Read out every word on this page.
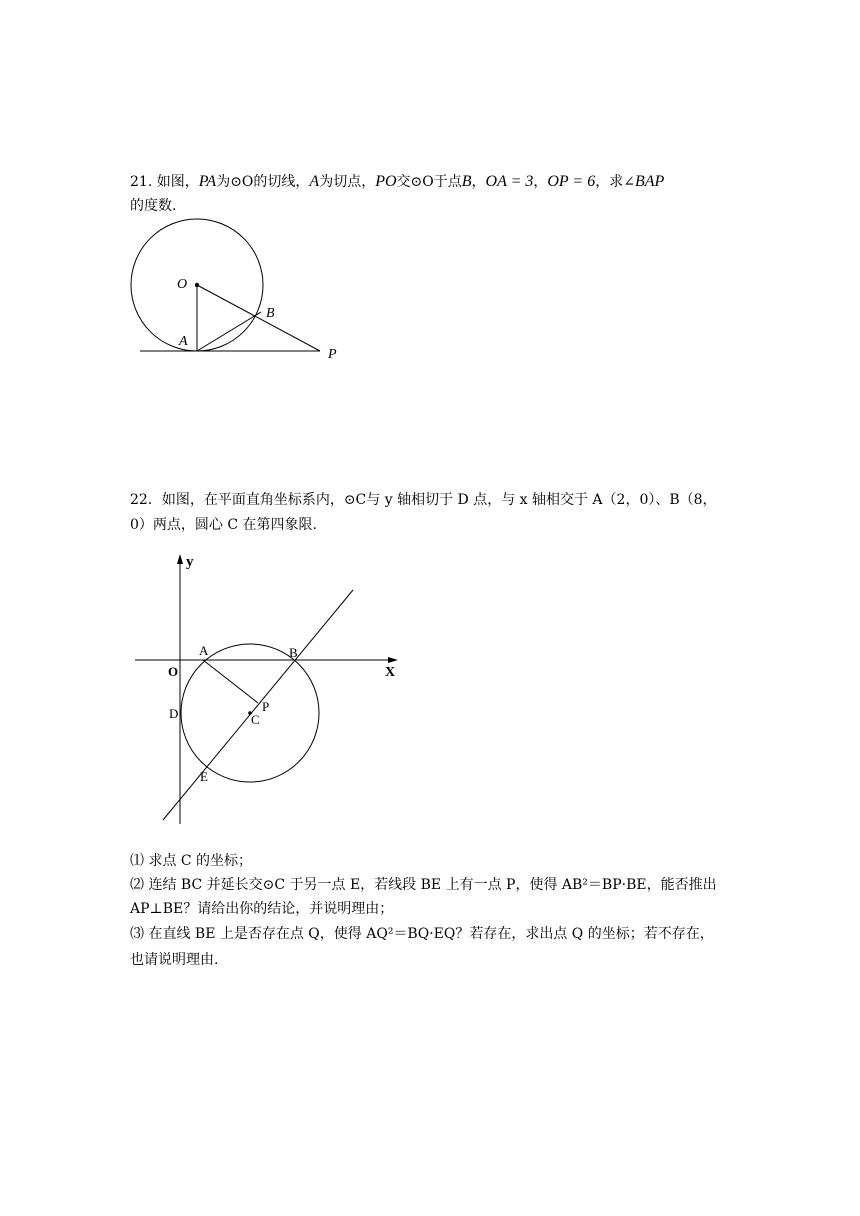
21. 如图，PA为⊙O的切线，A为切点，PO交⊙O于点B，OA = 3，OP = 6，求∠BAP
的度数.
O
A
B
P
22．如图，在平面直角坐标系内，⊙C与 y 轴相切于 D 点，与 x 轴相交于 A（2，0）、B（8，
0）两点，圆心 C 在第四象限.
y
X
O
A	B
C
P
D
E
⑴ 求点 C 的坐标；
⑵ 连结 BC 并延长交⊙C 于另一点 E，若线段 BE 上有一点 P，使得 AB²＝BP·BE，能否推出
AP⊥BE？请给出你的结论，并说明理由；
⑶ 在直线 BE 上是否存在点 Q，使得 AQ²＝BQ·EQ？若存在，求出点 Q 的坐标；若不存在，
也请说明理由.
